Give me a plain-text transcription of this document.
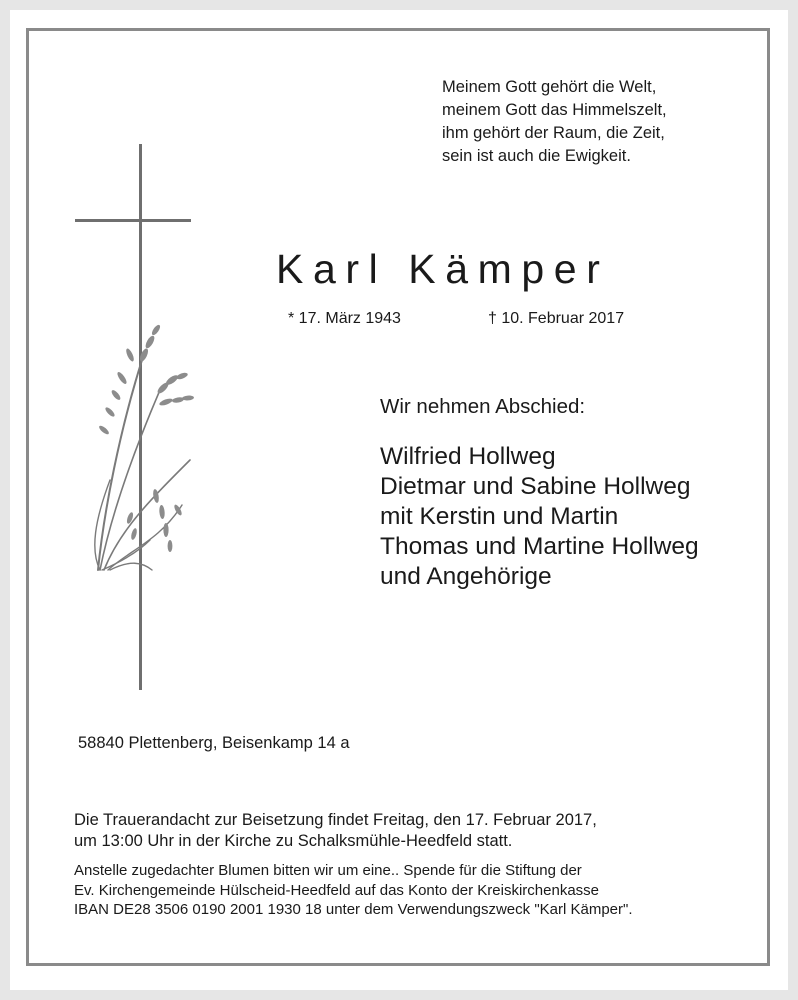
Meinem Gott gehört die Welt,
meinem Gott das Himmelszelt,
ihm gehört der Raum, die Zeit,
sein ist auch die Ewigkeit.
Karl Kämper
* 17. März 1943	† 10. Februar 2017
Wir nehmen Abschied:
Wilfried Hollweg
Dietmar und Sabine Hollweg
mit Kerstin und Martin
Thomas und Martine Hollweg
und Angehörige
58840 Plettenberg, Beisenkamp 14 a
Die Trauerandacht zur Beisetzung findet Freitag, den 17. Februar 2017,
um 13:00 Uhr in der Kirche zu Schalksmühle-Heedfeld statt.
Anstelle zugedachter Blumen bitten wir um eine.. Spende für die Stiftung der
Ev. Kirchengemeinde Hülscheid-Heedfeld auf das Konto der Kreiskirchenkasse
IBAN DE28 3506 0190 2001 1930 18 unter dem Verwendungszweck "Karl Kämper".
